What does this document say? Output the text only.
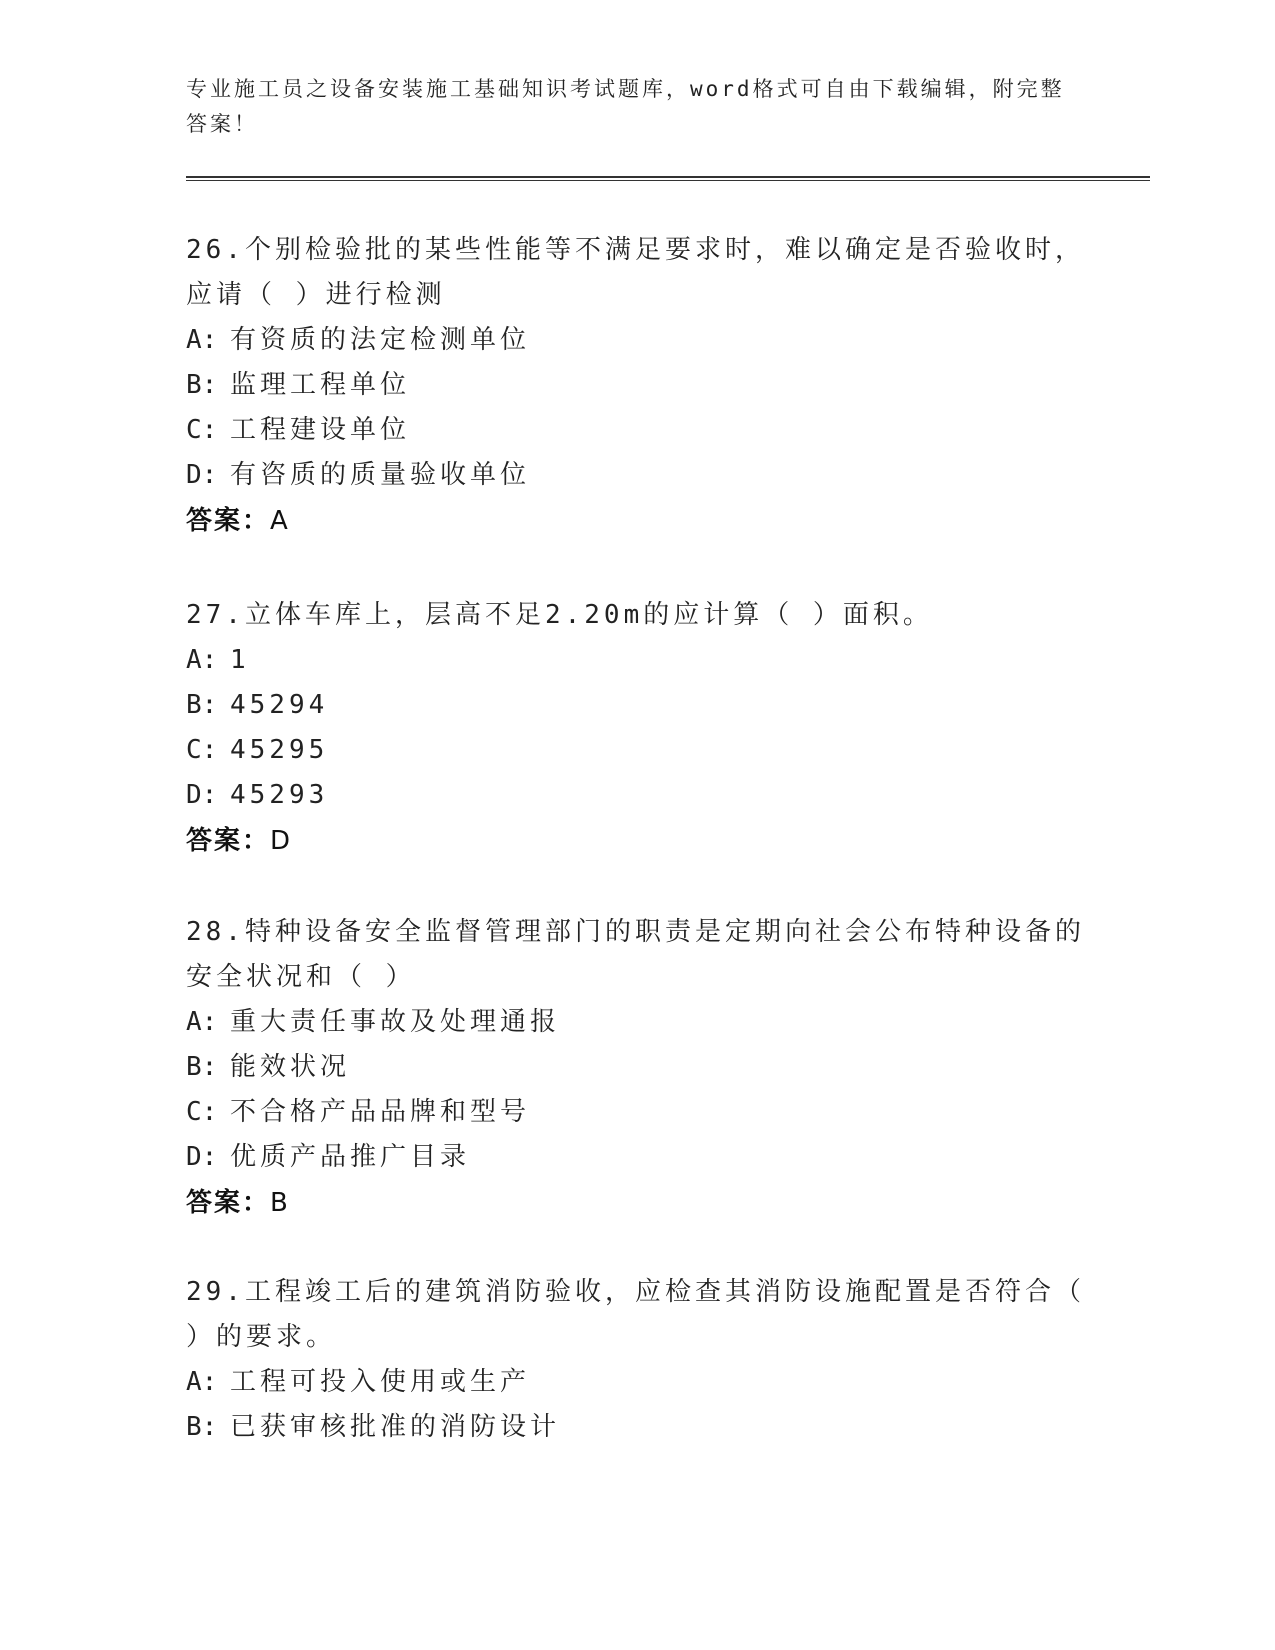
专业施工员之设备安装施工基础知识考试题库，word格式可自由下载编辑，附完整答案！

26.个别检验批的某些性能等不满足要求时，难以确定是否验收时，应请（ ）进行检测

A: 有资质的法定检测单位
B: 监理工程单位
C: 工程建设单位
D: 有咨质的质量验收单位
答案：A

27.立体车库上，层高不足2.20m的应计算（ ）面积。

A: 1
B: 45294
C: 45295
D: 45293
答案：D

28.特种设备安全监督管理部门的职责是定期向社会公布特种设备的安全状况和（ ）

A: 重大责任事故及处理通报
B: 能效状况
C: 不合格产品品牌和型号
D: 优质产品推广目录
答案：B

29.工程竣工后的建筑消防验收，应检查其消防设施配置是否符合（ ）的要求。

A: 工程可投入使用或生产
B: 已获审核批准的消防设计
